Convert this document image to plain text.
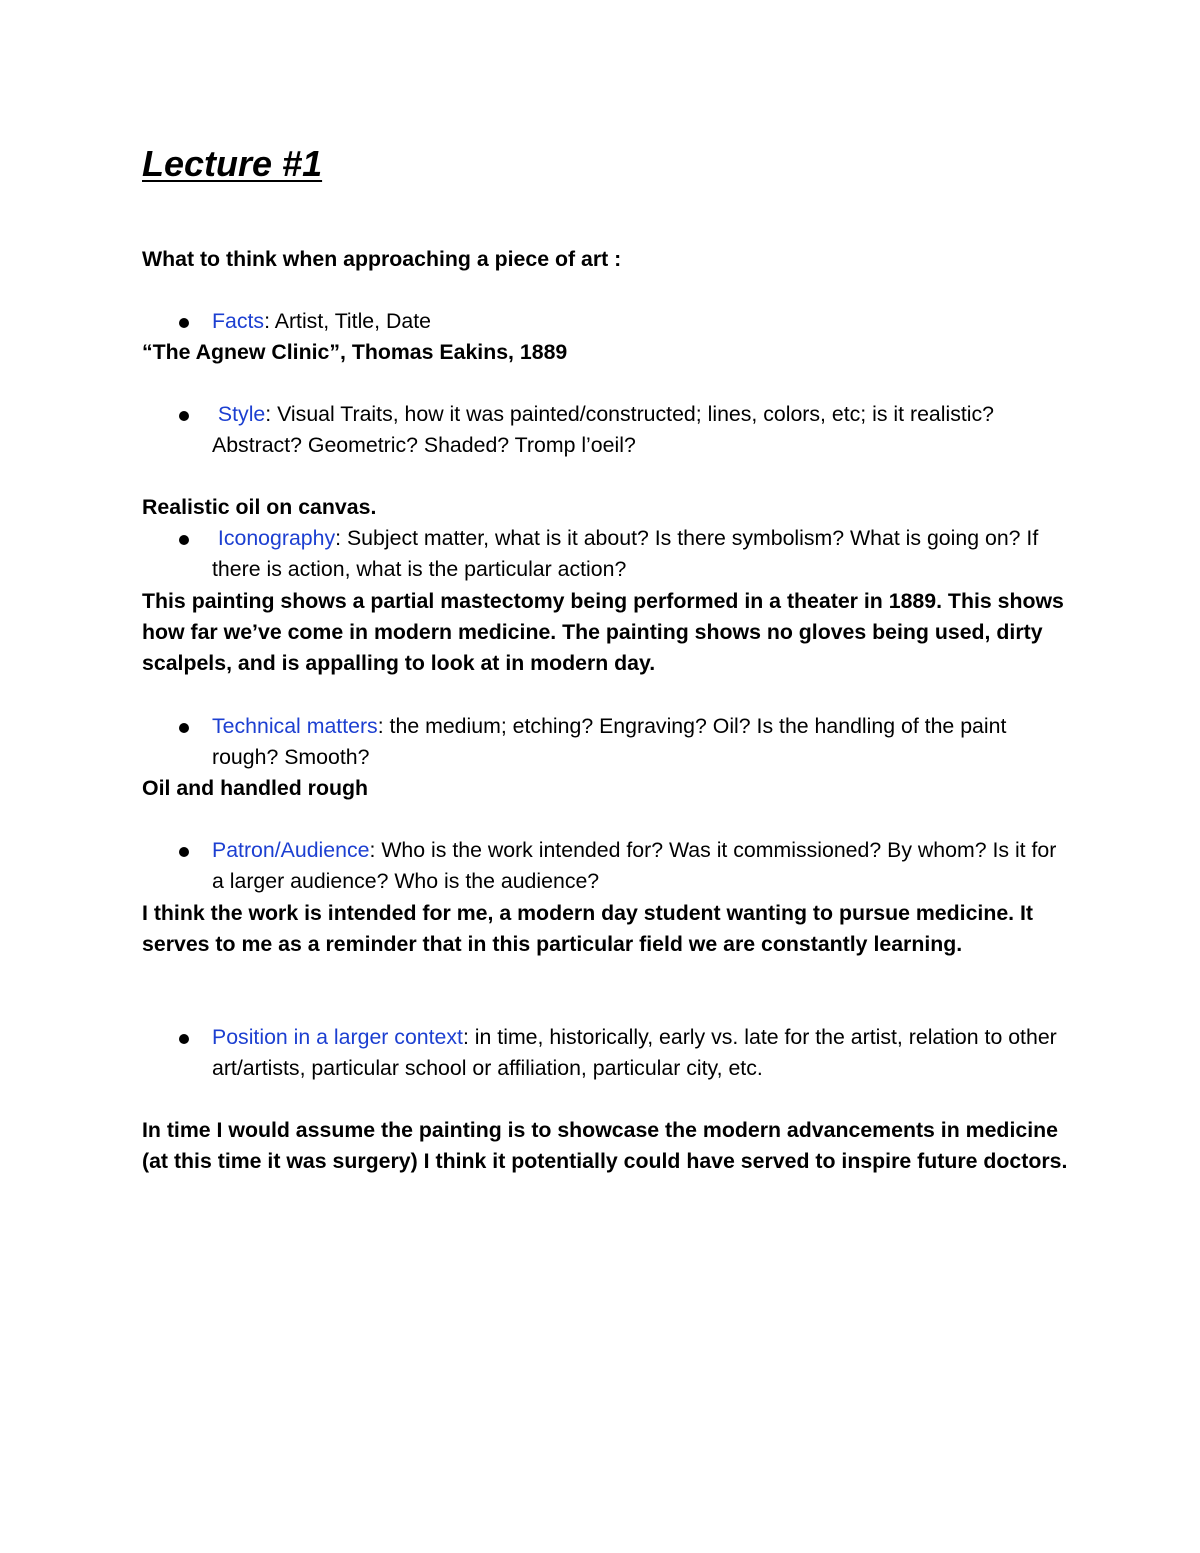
Lecture #1
What to think when approaching a piece of art :
Facts: Artist, Title, Date
“The Agnew Clinic”, Thomas Eakins, 1889
Style: Visual Traits, how it was painted/constructed; lines, colors, etc; is it realistic? Abstract? Geometric? Shaded? Tromp l’oeil?
Realistic oil on canvas.
Iconography: Subject matter, what is it about? Is there symbolism? What is going on? If there is action, what is the particular action?
This painting shows a partial mastectomy being performed in a theater in 1889. This shows how far we’ve come in modern medicine. The painting shows no gloves being used, dirty scalpels, and is appalling to look at in modern day.
Technical matters: the medium; etching? Engraving? Oil? Is the handling of the paint rough? Smooth?
Oil and handled rough
Patron/Audience: Who is the work intended for? Was it commissioned? By whom? Is it for a larger audience? Who is the audience?
I think the work is intended for me, a modern day student wanting to pursue medicine. It serves to me as a reminder that in this particular field we are constantly learning.
Position in a larger context: in time, historically, early vs. late for the artist, relation to other art/artists, particular school or affiliation, particular city, etc.
In time I would assume the painting is to showcase the modern advancements in medicine (at this time it was surgery) I think it potentially could have served to inspire future doctors.
